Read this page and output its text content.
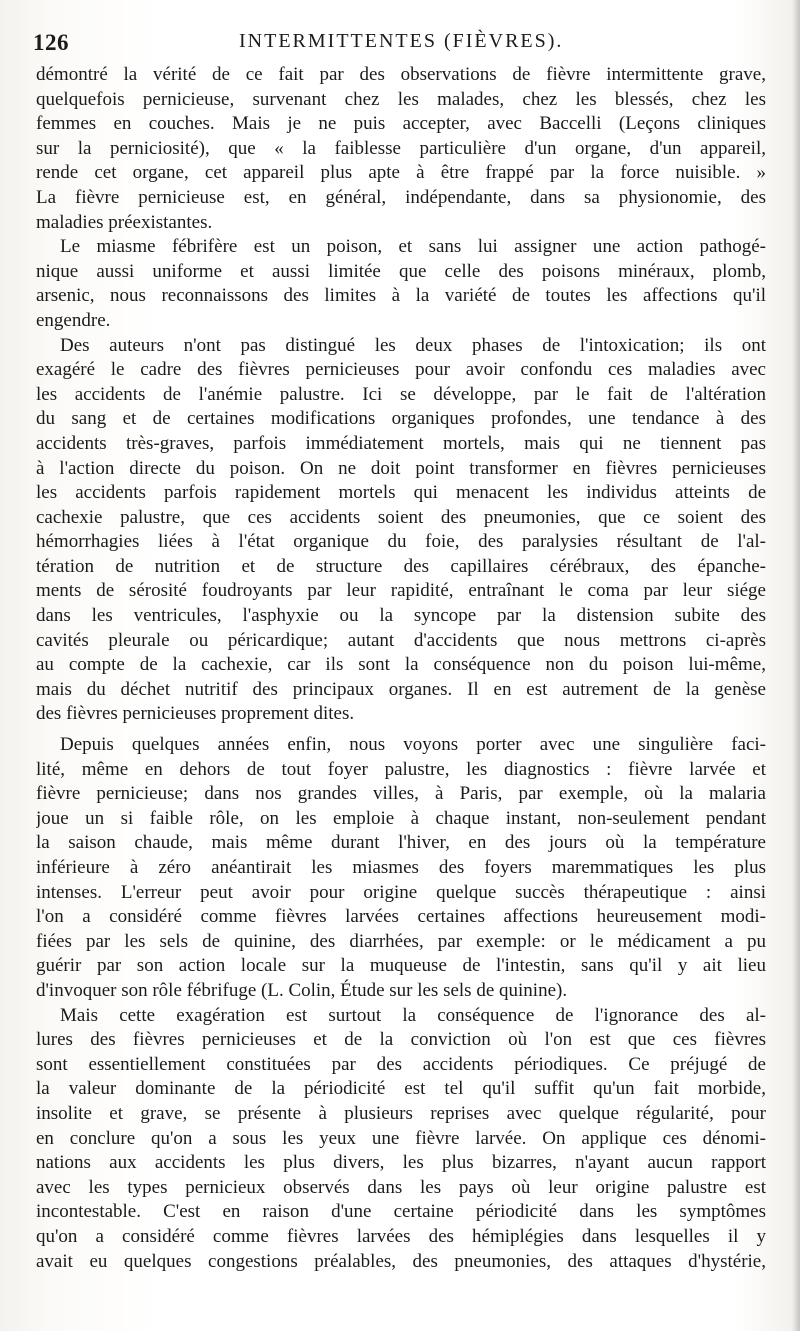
126	INTERMITTENTES (FIÈVRES).
démontré la vérité de ce fait par des observations de fièvre intermittente grave,
quelquefois pernicieuse, survenant chez les malades, chez les blessés, chez les
femmes en couches. Mais je ne puis accepter, avec Baccelli (Leçons cliniques
sur la perniciosité), que « la faiblesse particulière d'un organe, d'un appareil,
rende cet organe, cet appareil plus apte à être frappé par la force nuisible. »
La fièvre pernicieuse est, en général, indépendante, dans sa physionomie, des
maladies préexistantes.
Le miasme fébrifère est un poison, et sans lui assigner une action pathogé-
nique aussi uniforme et aussi limitée que celle des poisons minéraux, plomb,
arsenic, nous reconnaissons des limites à la variété de toutes les affections qu'il
engendre.
Des auteurs n'ont pas distingué les deux phases de l'intoxication; ils ont
exagéré le cadre des fièvres pernicieuses pour avoir confondu ces maladies avec
les accidents de l'anémie palustre. Ici se développe, par le fait de l'altération
du sang et de certaines modifications organiques profondes, une tendance à des
accidents très-graves, parfois immédiatement mortels, mais qui ne tiennent pas
à l'action directe du poison. On ne doit point transformer en fièvres pernicieuses
les accidents parfois rapidement mortels qui menacent les individus atteints de
cachexie palustre, que ces accidents soient des pneumonies, que ce soient des
hémorrhagies liées à l'état organique du foie, des paralysies résultant de l'al-
tération de nutrition et de structure des capillaires cérébraux, des épanche-
ments de sérosité foudroyants par leur rapidité, entraînant le coma par leur siége
dans les ventricules, l'asphyxie ou la syncope par la distension subite des
cavités pleurale ou péricardique; autant d'accidents que nous mettrons ci-après
au compte de la cachexie, car ils sont la conséquence non du poison lui-même,
mais du déchet nutritif des principaux organes. Il en est autrement de la genèse
des fièvres pernicieuses proprement dites.
Depuis quelques années enfin, nous voyons porter avec une singulière faci-
lité, même en dehors de tout foyer palustre, les diagnostics : fièvre larvée et
fièvre pernicieuse; dans nos grandes villes, à Paris, par exemple, où la malaria
joue un si faible rôle, on les emploie à chaque instant, non-seulement pendant
la saison chaude, mais même durant l'hiver, en des jours où la température
inférieure à zéro anéantirait les miasmes des foyers maremmatiques les plus
intenses. L'erreur peut avoir pour origine quelque succès thérapeutique : ainsi
l'on a considéré comme fièvres larvées certaines affections heureusement modi-
fiées par les sels de quinine, des diarrhées, par exemple: or le médicament a pu
guérir par son action locale sur la muqueuse de l'intestin, sans qu'il y ait lieu
d'invoquer son rôle fébrifuge (L. Colin, Étude sur les sels de quinine).
Mais cette exagération est surtout la conséquence de l'ignorance des al-
lures des fièvres pernicieuses et de la conviction où l'on est que ces fièvres
sont essentiellement constituées par des accidents périodiques. Ce préjugé de
la valeur dominante de la périodicité est tel qu'il suffit qu'un fait morbide,
insolite et grave, se présente à plusieurs reprises avec quelque régularité, pour
en conclure qu'on a sous les yeux une fièvre larvée. On applique ces dénomi-
nations aux accidents les plus divers, les plus bizarres, n'ayant aucun rapport
avec les types pernicieux observés dans les pays où leur origine palustre est
incontestable. C'est en raison d'une certaine périodicité dans les symptômes
qu'on a considéré comme fièvres larvées des hémiplégies dans lesquelles il y
avait eu quelques congestions préalables, des pneumonies, des attaques d'hystérie,
